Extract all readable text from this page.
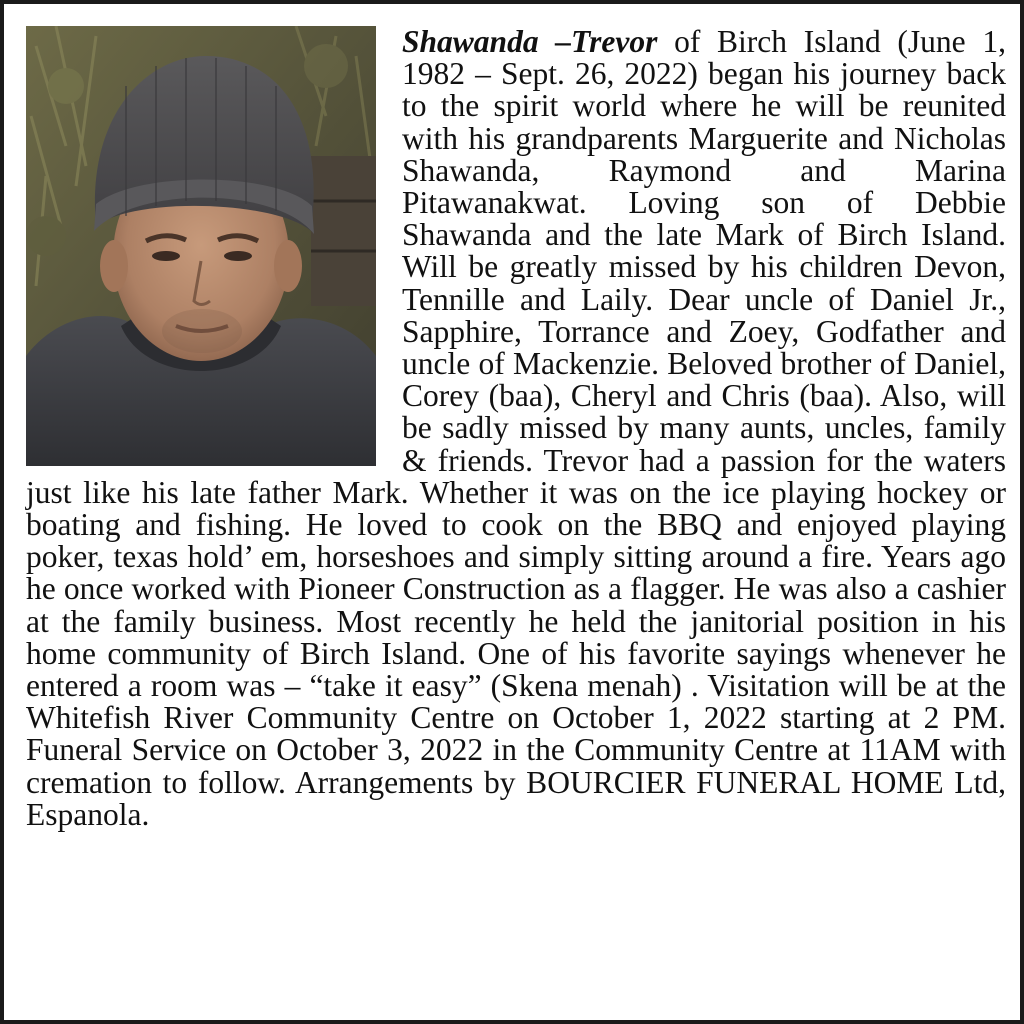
Shawanda –Trevor of Birch Island (June 1, 1982 – Sept. 26, 2022) began his journey back to the spirit world where he will be reunited with his grandparents Marguerite and Nicholas Shawanda, Raymond and Marina Pitawanakwat. Loving son of Debbie Shawanda and the late Mark of Birch Island. Will be greatly missed by his children Devon, Tennille and Laily. Dear uncle of Daniel Jr., Sapphire, Torrance and Zoey, Godfather and uncle of Mackenzie. Beloved brother of Daniel, Corey (baa), Cheryl and Chris (baa). Also, will be sadly missed by many aunts, uncles, family & friends. Trevor had a passion for the waters just like his late father Mark. Whether it was on the ice playing hockey or boating and fishing. He loved to cook on the BBQ and enjoyed playing poker, texas hold’ em, horseshoes and simply sitting around a fire. Years ago he once worked with Pioneer Construction as a flagger. He was also a cashier at the family business. Most recently he held the janitorial position in his home community of Birch Island. One of his favorite sayings whenever he entered a room was – “take it easy” (Skena menah) . Visitation will be at the Whitefish River Community Centre on October 1, 2022 starting at 2 PM. Funeral Service on October 3, 2022 in the Community Centre at 11AM with cremation to follow. Arrangements by BOURCIER FUNERAL HOME Ltd, Espanola.
